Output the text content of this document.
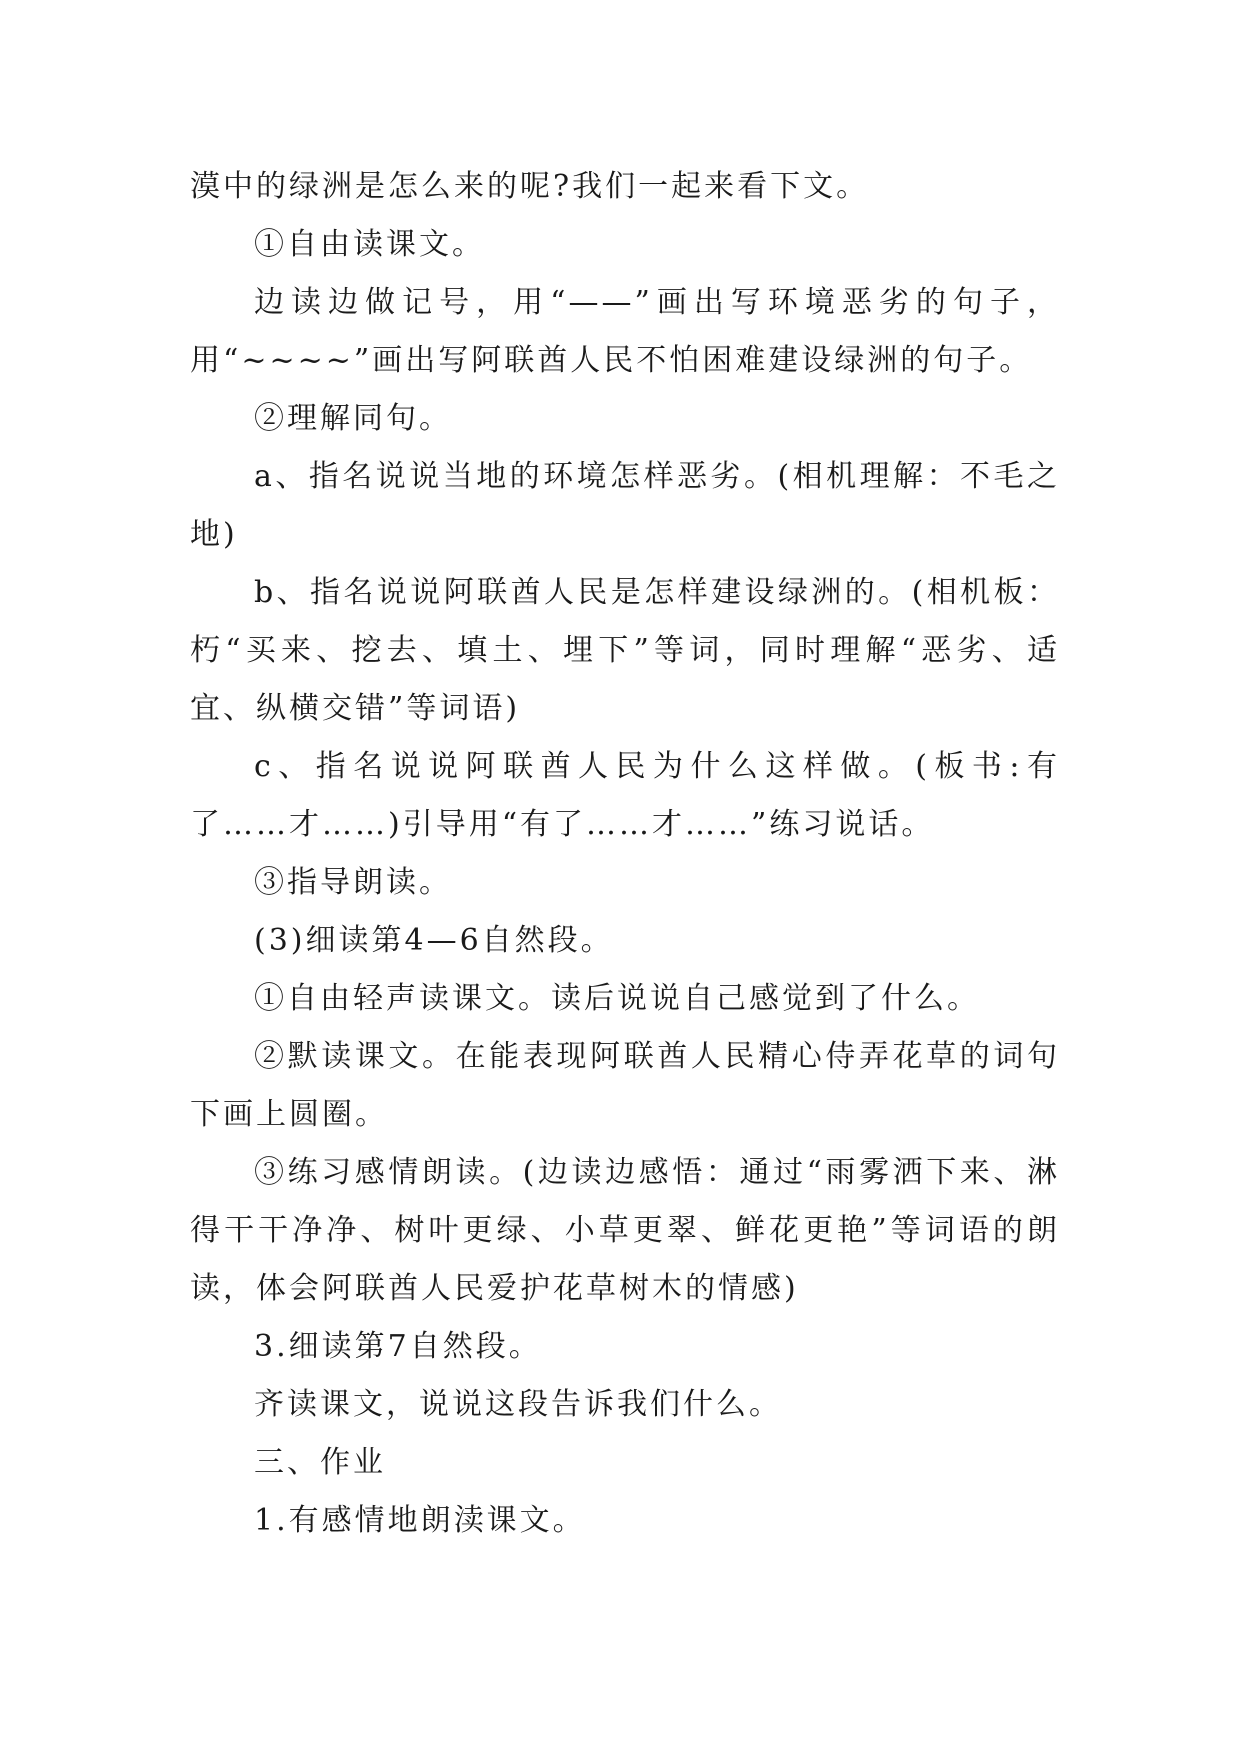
漠中的绿洲是怎么来的呢?我们一起来看下文。

①自由读课文。

边读边做记号，用“——”画出写环境恶劣的句子，用“~~~~”画出写阿联酋人民不怕困难建设绿洲的句子。

②理解同句。

a、指名说说当地的环境怎样恶劣。(相机理解：不毛之地)

b、指名说说阿联酋人民是怎样建设绿洲的。(相机板：朽“买来、挖去、填土、埋下”等词，同时理解“恶劣、适宜、纵横交错”等词语)

c、指名说说阿联酋人民为什么这样做。(板书:有了……才……)引导用“有了……才……”练习说话。

③指导朗读。

(3)细读第4—6自然段。

①自由轻声读课文。读后说说自己感觉到了什么。

②默读课文。在能表现阿联酋人民精心侍弄花草的词句下画上圆圈。

③练习感情朗读。(边读边感悟：通过“雨雾洒下来、淋得干干净净、树叶更绿、小草更翠、鲜花更艳”等词语的朗读，体会阿联酋人民爱护花草树木的情感)

3.细读第7自然段。

齐读课文，说说这段告诉我们什么。

三、作业

1.有感情地朗渎课文。
